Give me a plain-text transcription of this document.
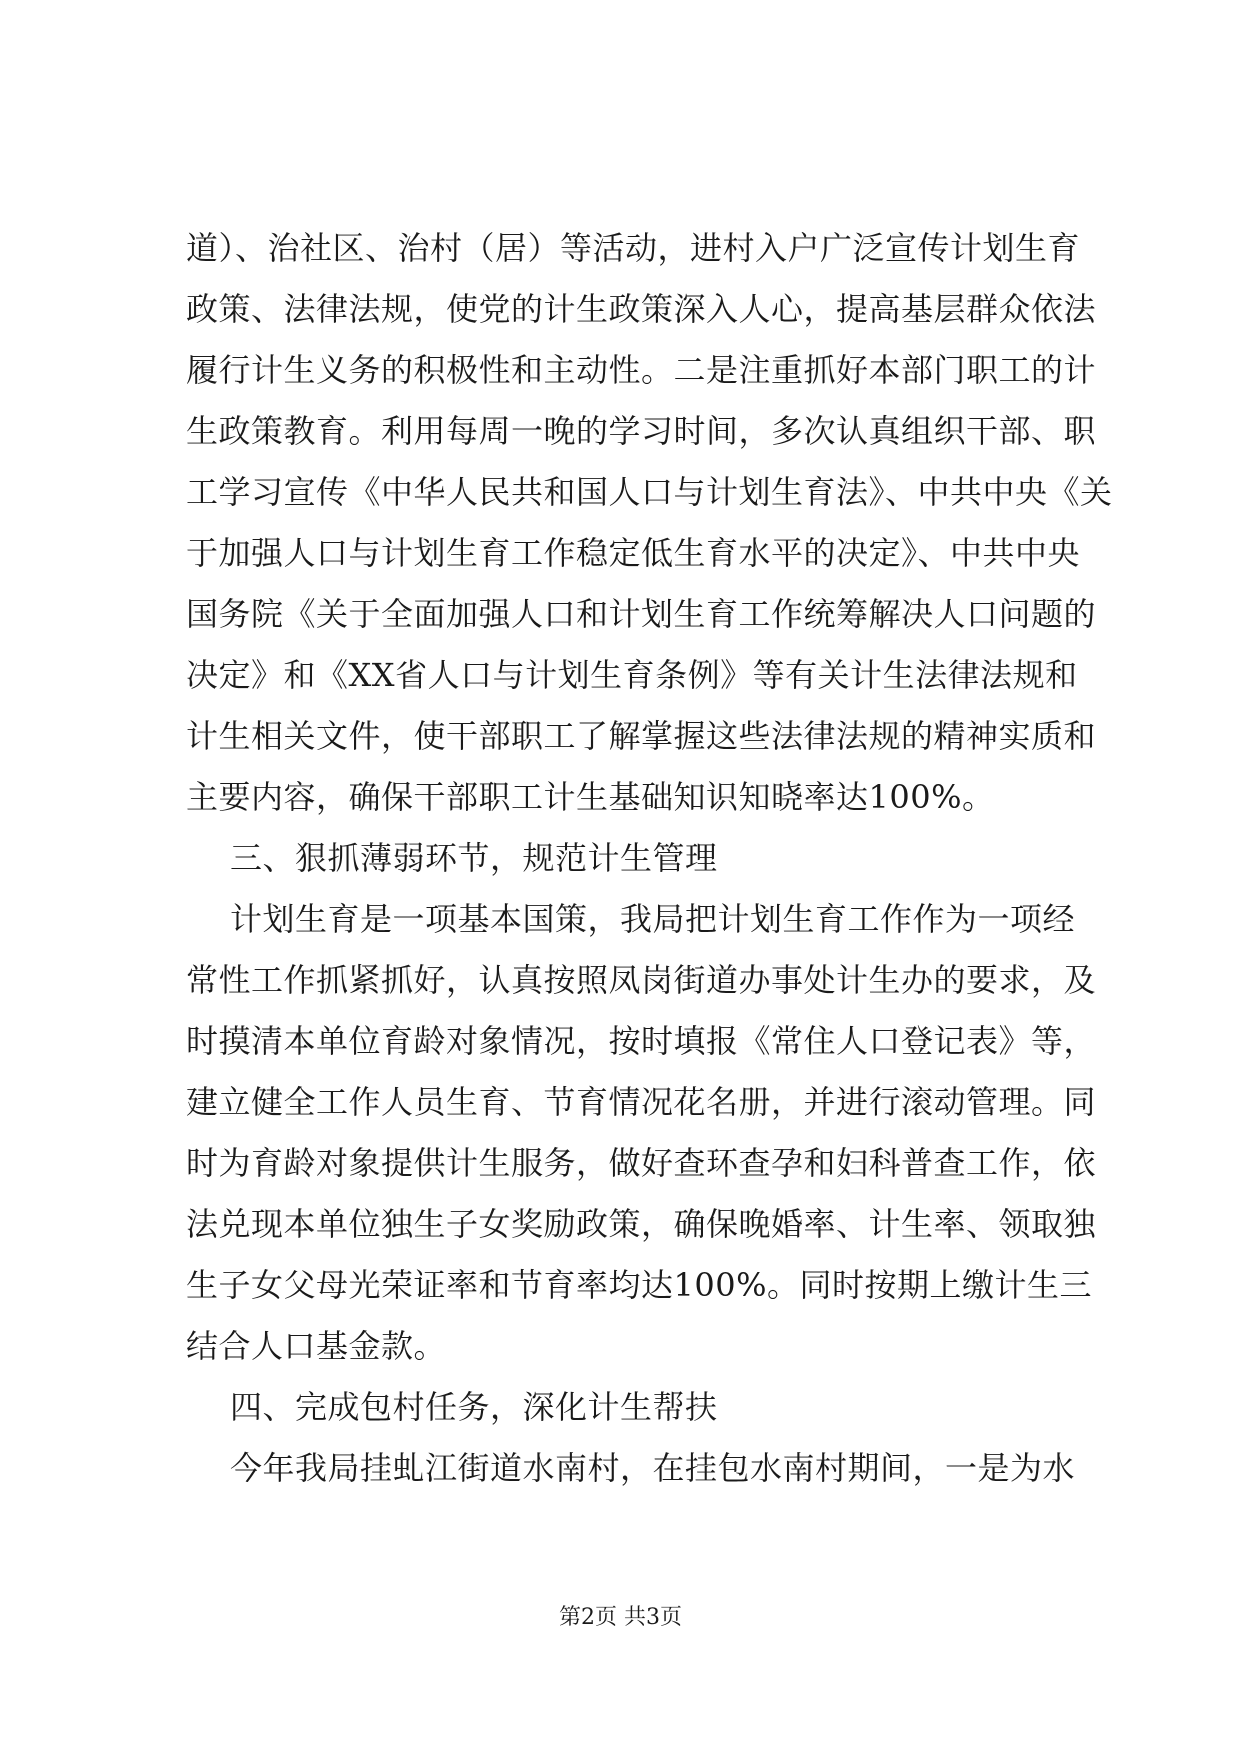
道）、治社区、治村（居）等活动，进村入户广泛宣传计划生育
政策、法律法规，使党的计生政策深入人心，提高基层群众依法
履行计生义务的积极性和主动性。二是注重抓好本部门职工的计
生政策教育。利用每周一晚的学习时间，多次认真组织干部、职
工学习宣传《中华人民共和国人口与计划生育法》、中共中央《关
于加强人口与计划生育工作稳定低生育水平的决定》、中共中央
国务院《关于全面加强人口和计划生育工作统筹解决人口问题的
决定》和《XX省人口与计划生育条例》等有关计生法律法规和
计生相关文件，使干部职工了解掌握这些法律法规的精神实质和
主要内容，确保干部职工计生基础知识知晓率达100%。
三、狠抓薄弱环节，规范计生管理
计划生育是一项基本国策，我局把计划生育工作作为一项经
常性工作抓紧抓好，认真按照凤岗街道办事处计生办的要求，及
时摸清本单位育龄对象情况，按时填报《常住人口登记表》等，
建立健全工作人员生育、节育情况花名册，并进行滚动管理。同
时为育龄对象提供计生服务，做好查环查孕和妇科普查工作，依
法兑现本单位独生子女奖励政策，确保晚婚率、计生率、领取独
生子女父母光荣证率和节育率均达100%。同时按期上缴计生三
结合人口基金款。
四、完成包村任务，深化计生帮扶
今年我局挂虬江街道水南村，在挂包水南村期间，一是为水
第2页 共3页
